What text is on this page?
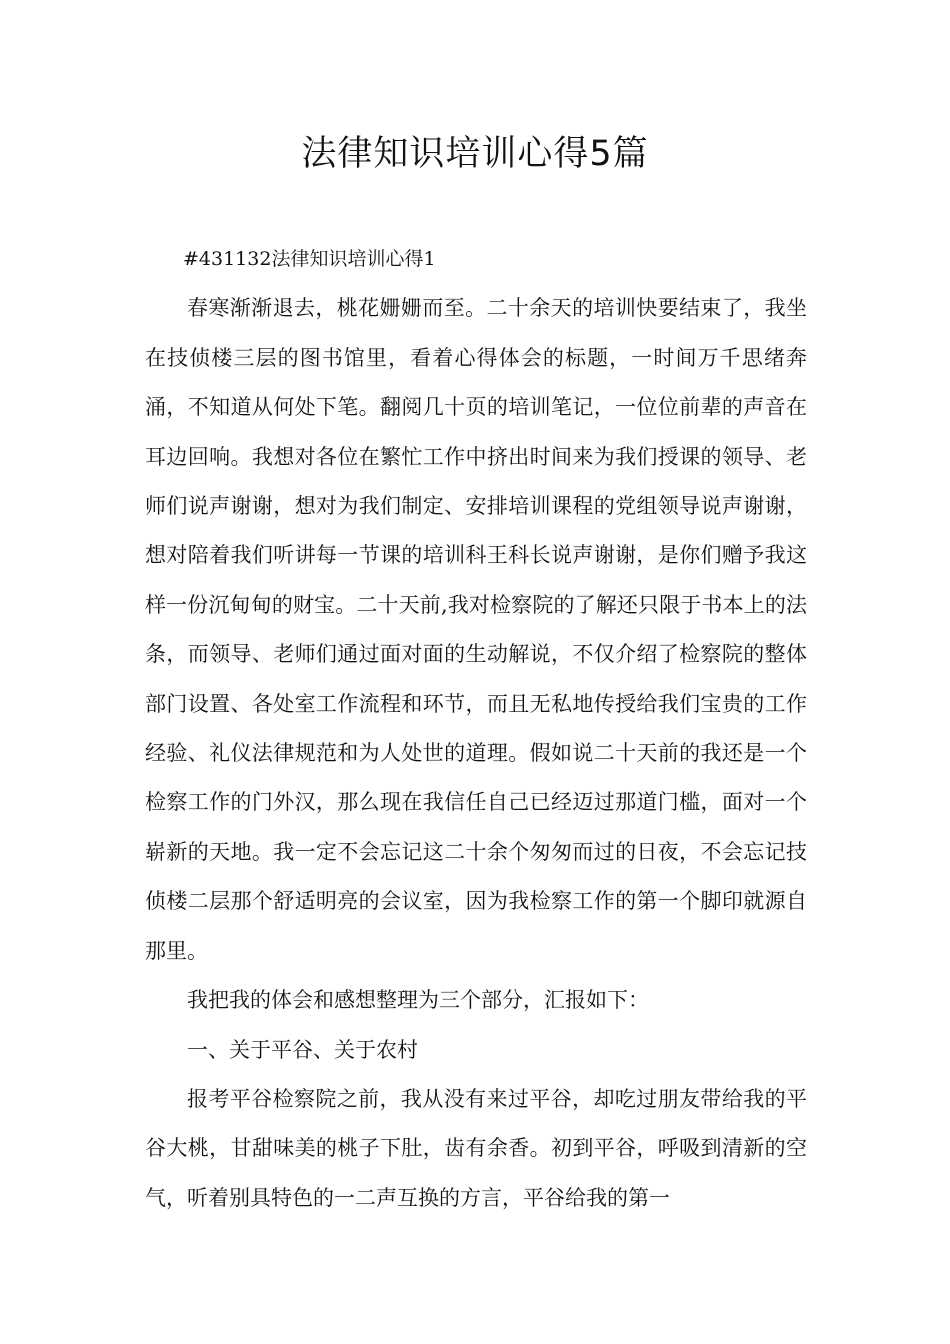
法律知识培训心得5篇

#431132法律知识培训心得1

春寒渐渐退去，桃花姗姗而至。二十余天的培训快要结束了，我坐在技侦楼三层的图书馆里，看着心得体会的标题，一时间万千思绪奔涌，不知道从何处下笔。翻阅几十页的培训笔记，一位位前辈的声音在耳边回响。我想对各位在繁忙工作中挤出时间来为我们授课的领导、老师们说声谢谢，想对为我们制定、安排培训课程的党组领导说声谢谢，想对陪着我们听讲每一节课的培训科王科长说声谢谢，是你们赠予我这样一份沉甸甸的财宝。二十天前,我对检察院的了解还只限于书本上的法条，而领导、老师们通过面对面的生动解说，不仅介绍了检察院的整体部门设置、各处室工作流程和环节，而且无私地传授给我们宝贵的工作经验、礼仪法律规范和为人处世的道理。假如说二十天前的我还是一个检察工作的门外汉，那么现在我信任自己已经迈过那道门槛，面对一个崭新的天地。我一定不会忘记这二十余个匆匆而过的日夜，不会忘记技侦楼二层那个舒适明亮的会议室，因为我检察工作的第一个脚印就源自那里。

我把我的体会和感想整理为三个部分，汇报如下：

一、关于平谷、关于农村

报考平谷检察院之前，我从没有来过平谷，却吃过朋友带给我的平谷大桃，甘甜味美的桃子下肚，齿有余香。初到平谷，呼吸到清新的空气，听着别具特色的一二声互换的方言，平谷给我的第一
